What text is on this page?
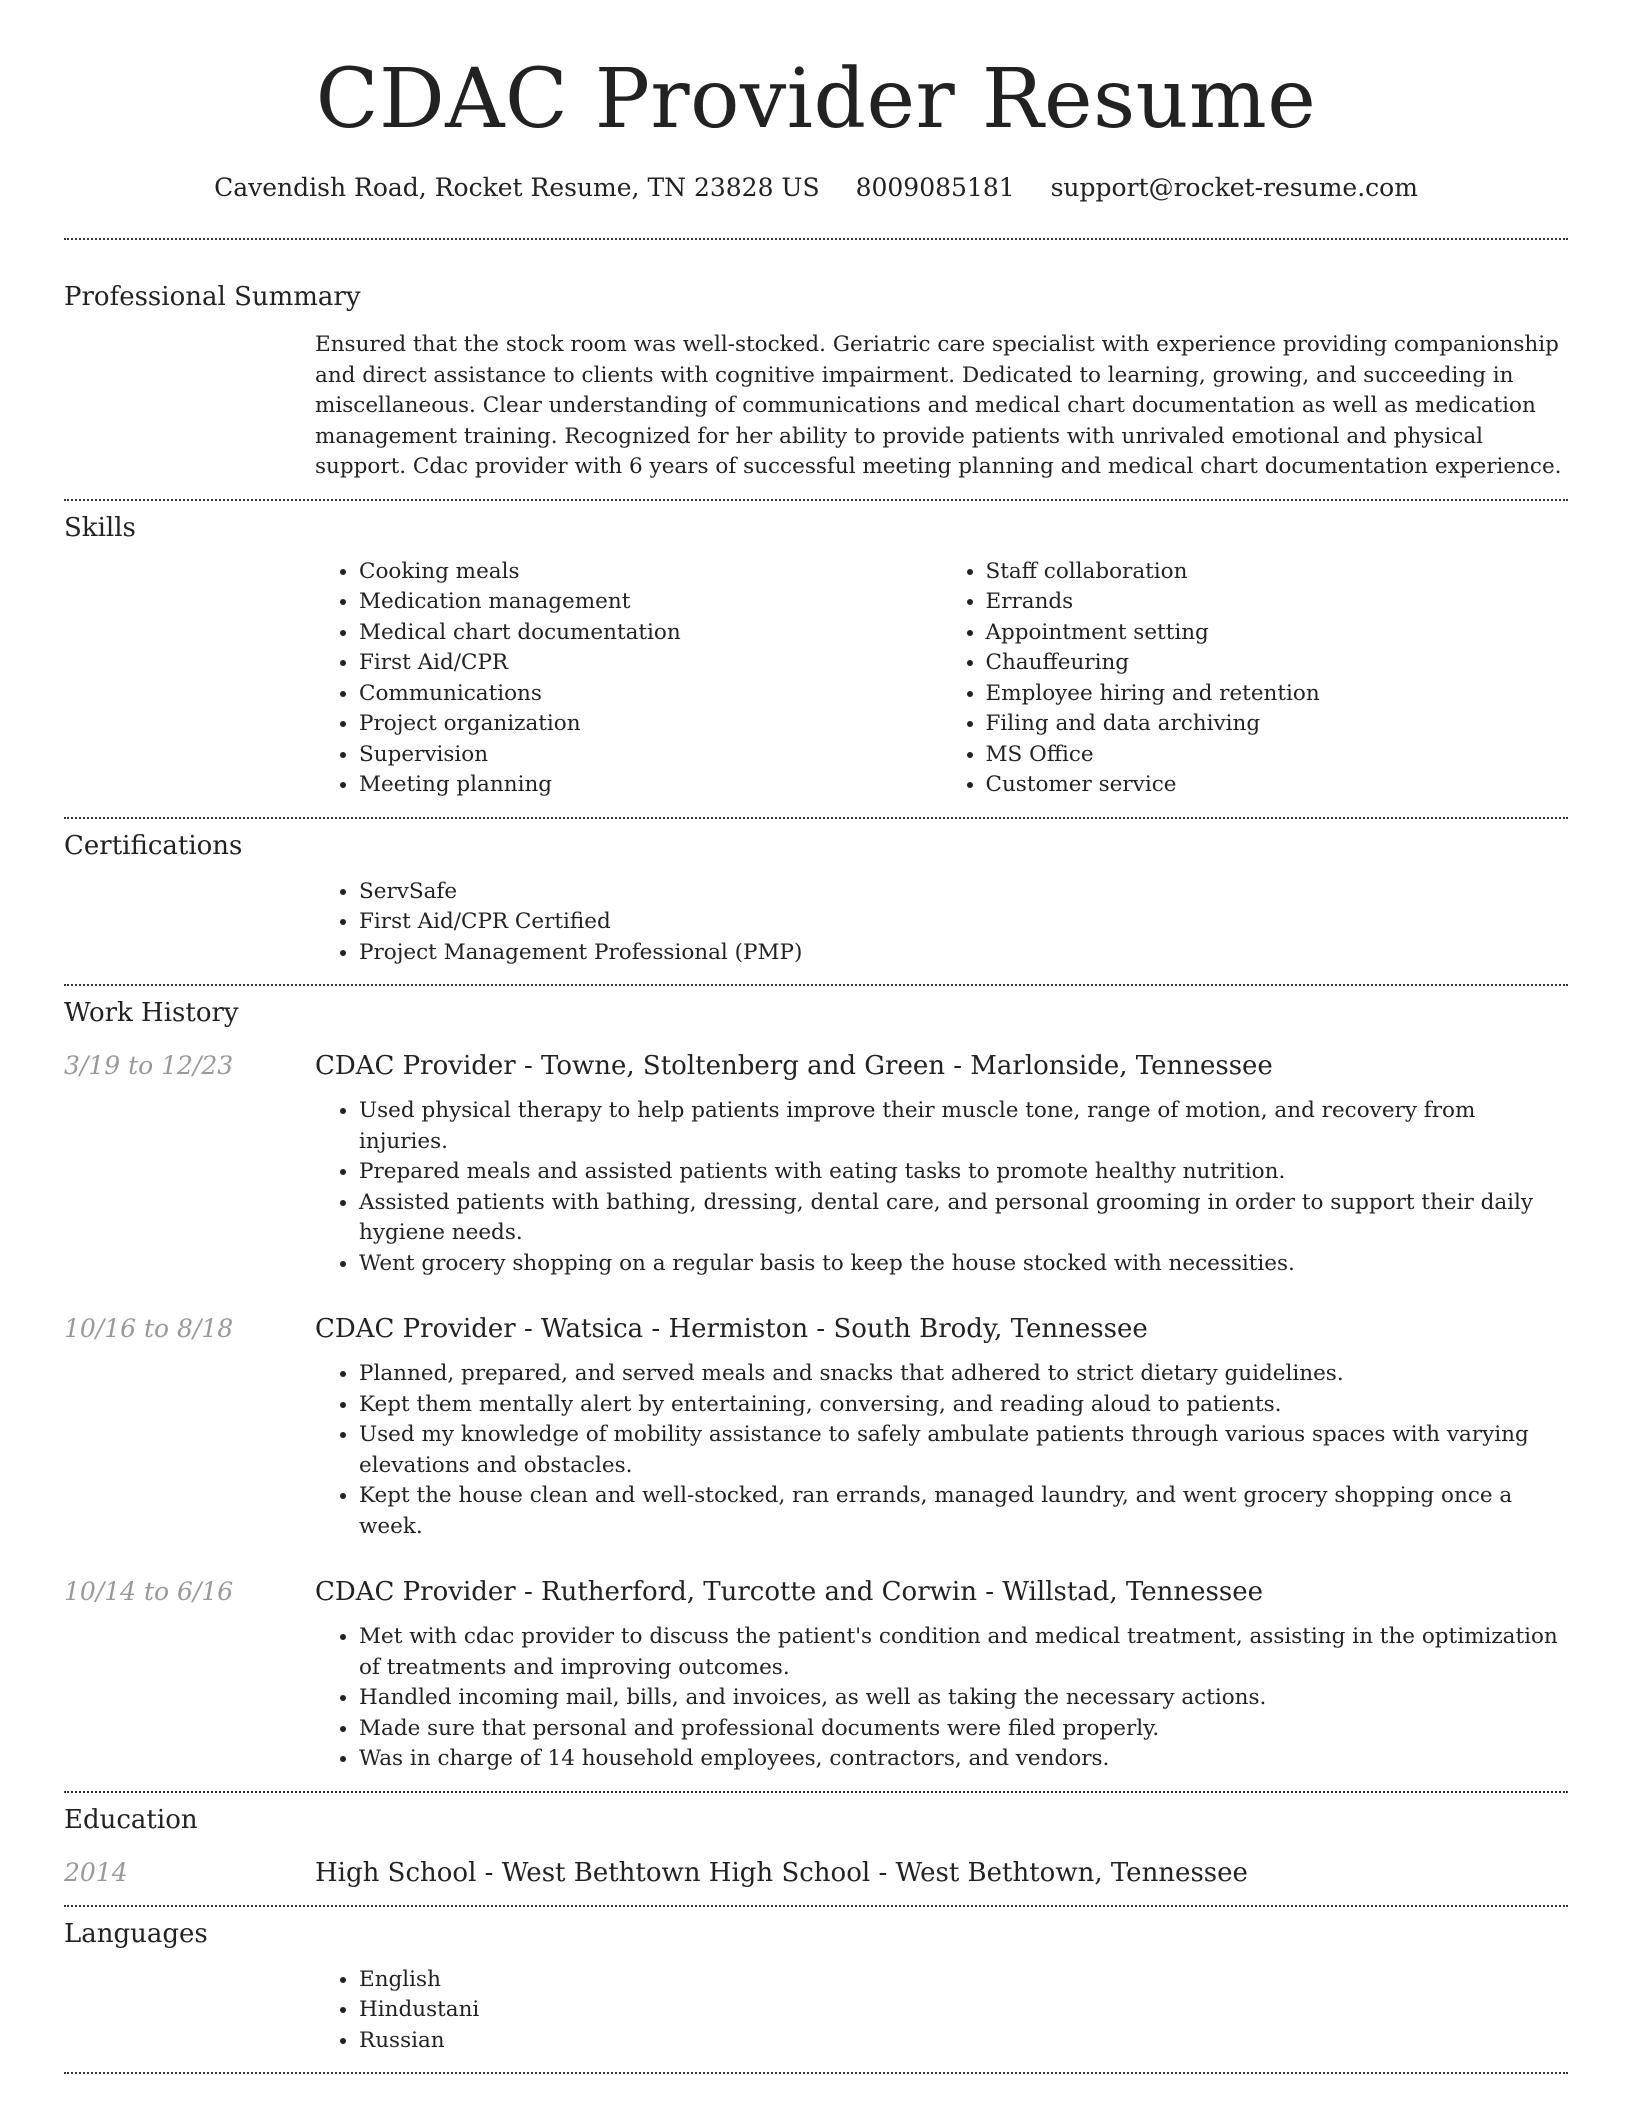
CDAC Provider Resume
Cavendish Road, Rocket Resume, TN 23828 US 8009085181 support@rocket-resume.com
Professional Summary
Ensured that the stock room was well-stocked. Geriatric care specialist with experience providing companionship and direct assistance to clients with cognitive impairment. Dedicated to learning, growing, and succeeding in miscellaneous. Clear understanding of communications and medical chart documentation as well as medication management training. Recognized for her ability to provide patients with unrivaled emotional and physical support. Cdac provider with 6 years of successful meeting planning and medical chart documentation experience.
Skills
• Cooking meals
• Medication management
• Medical chart documentation
• First Aid/CPR
• Communications
• Project organization
• Supervision
• Meeting planning
• Staff collaboration
• Errands
• Appointment setting
• Chauffeuring
• Employee hiring and retention
• Filing and data archiving
• MS Office
• Customer service
Certifications
• ServSafe
• First Aid/CPR Certified
• Project Management Professional (PMP)
Work History
3/19 to 12/23	CDAC Provider - Towne, Stoltenberg and Green - Marlonside, Tennessee
• Used physical therapy to help patients improve their muscle tone, range of motion, and recovery from injuries.
• Prepared meals and assisted patients with eating tasks to promote healthy nutrition.
• Assisted patients with bathing, dressing, dental care, and personal grooming in order to support their daily hygiene needs.
• Went grocery shopping on a regular basis to keep the house stocked with necessities.
10/16 to 8/18	CDAC Provider - Watsica - Hermiston - South Brody, Tennessee
• Planned, prepared, and served meals and snacks that adhered to strict dietary guidelines.
• Kept them mentally alert by entertaining, conversing, and reading aloud to patients.
• Used my knowledge of mobility assistance to safely ambulate patients through various spaces with varying elevations and obstacles.
• Kept the house clean and well-stocked, ran errands, managed laundry, and went grocery shopping once a week.
10/14 to 6/16	CDAC Provider - Rutherford, Turcotte and Corwin - Willstad, Tennessee
• Met with cdac provider to discuss the patient's condition and medical treatment, assisting in the optimization of treatments and improving outcomes.
• Handled incoming mail, bills, and invoices, as well as taking the necessary actions.
• Made sure that personal and professional documents were filed properly.
• Was in charge of 14 household employees, contractors, and vendors.
Education
2014	High School - West Bethtown High School - West Bethtown, Tennessee
Languages
• English
• Hindustani
• Russian
